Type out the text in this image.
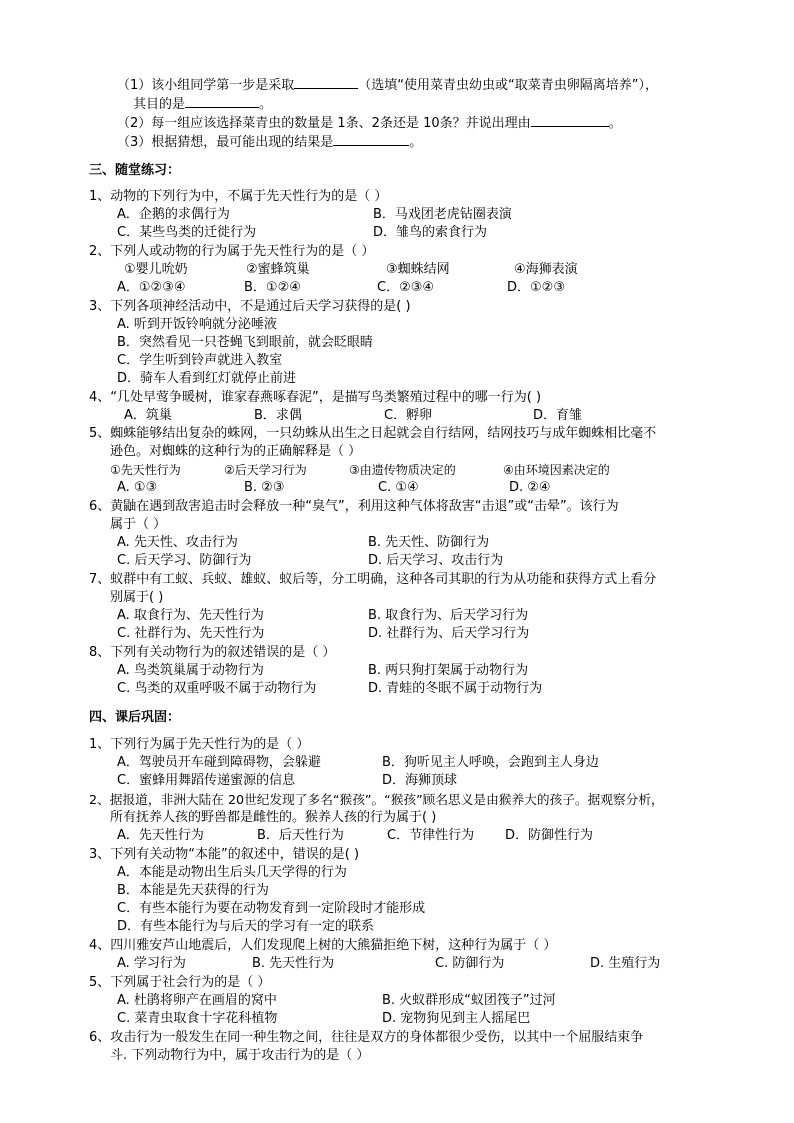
（1）该小组同学第一步是采取	（选填“使用菜青虫幼虫或“取菜青虫卵隔离培养”），
其目的是	。
（2）每一组应该选择菜青虫的数量是 1条、2条还是 10条？并说出理由	。
（3）根据猜想，最可能出现的结果是	。
三、随堂练习：
1、动物的下列行为中，不属于先天性行为的是（ ）
A．企鹅的求偶行为	B．马戏团老虎钻圈表演
C．某些鸟类的迁徙行为	D．雏鸟的索食行为
2、下列人或动物的行为属于先天性行为的是（ ）
①婴儿吮奶	②蜜蜂筑巢	③蜘蛛结网	④海狮表演
A．①②③④	B．①②④	C．②③④	D．①②③
3、下列各项神经活动中，不是通过后天学习获得的是( )
A. 听到开饭铃响就分泌唾液
B．突然看见一只苍蝇飞到眼前，就会眨眼睛
C．学生听到铃声就进入教室
D．骑车人看到红灯就停止前进
4、“几处早莺争暖树，谁家春燕啄春泥”，是描写鸟类繁殖过程中的哪一行为( )
A．筑巢	B．求偶	C．孵卵	D．育雏
5、蜘蛛能够结出复杂的蛛网，一只幼蛛从出生之日起就会自行结网，结网技巧与成年蜘蛛相比毫不
逊色。对蜘蛛的这种行为的正确解释是（ ）
①先天性行为	②后天学习行为	③由遗传物质决定的	④由环境因素决定的
A. ①③	B. ②③	C. ①④	D. ②④
6、黄鼬在遇到敌害追击时会释放一种“臭气”，利用这种气体将敌害“击退”或“击晕”。该行为
属于（ ）
A. 先天性、攻击行为	B. 先天性、防御行为
C. 后天学习、防御行为	D. 后天学习、攻击行为
7、蚁群中有工蚁、兵蚁、雄蚁、蚁后等，分工明确，这种各司其职的行为从功能和获得方式上看分
别属于( )
A. 取食行为、先天性行为	B. 取食行为、后天学习行为
C. 社群行为、先天性行为	D. 社群行为、后天学习行为
8、下列有关动物行为的叙述错误的是（ ）
A. 鸟类筑巢属于动物行为	B. 两只狗打架属于动物行为
C. 鸟类的双重呼吸不属于动物行为	D. 青蛙的冬眠不属于动物行为
四、课后巩固：
1、下列行为属于先天性行为的是（ ）
A．驾驶员开车碰到障碍物，会躲避	B．狗听见主人呼唤，会跑到主人身边
C．蜜蜂用舞蹈传递蜜源的信息	D．海狮顶球
2、据报道，非洲大陆在 20世纪发现了多名“猴孩”。“猴孩”顾名思义是由猴养大的孩子。据观察分析，
所有抚养人孩的野兽都是雌性的。猴养人孩的行为属于( )
A．先天性行为	B．后天性行为	C．节律性行为 D．防御性行为
3、下列有关动物“本能”的叙述中，错误的是( )
A．本能是动物出生后头几天学得的行为
B．本能是先天获得的行为
C．有些本能行为要在动物发育到一定阶段时才能形成
D．有些本能行为与后天的学习有一定的联系
4、四川雅安芦山地震后，人们发现爬上树的大熊猫拒绝下树，这种行为属于（ ）
A. 学习行为	B. 先天性行为	C. 防御行为	D. 生殖行为
5、下列属于社会行为的是（ ）
A. 杜鹃将卵产在画眉的窝中	B. 火蚁群形成“蚁团筏子”过河
C. 菜青虫取食十字花科植物	D. 宠物狗见到主人摇尾巴
6、攻击行为一般发生在同一种生物之间，往往是双方的身体都很少受伤，以其中一个屈服结束争
斗. 下列动物行为中，属于攻击行为的是（ ）
